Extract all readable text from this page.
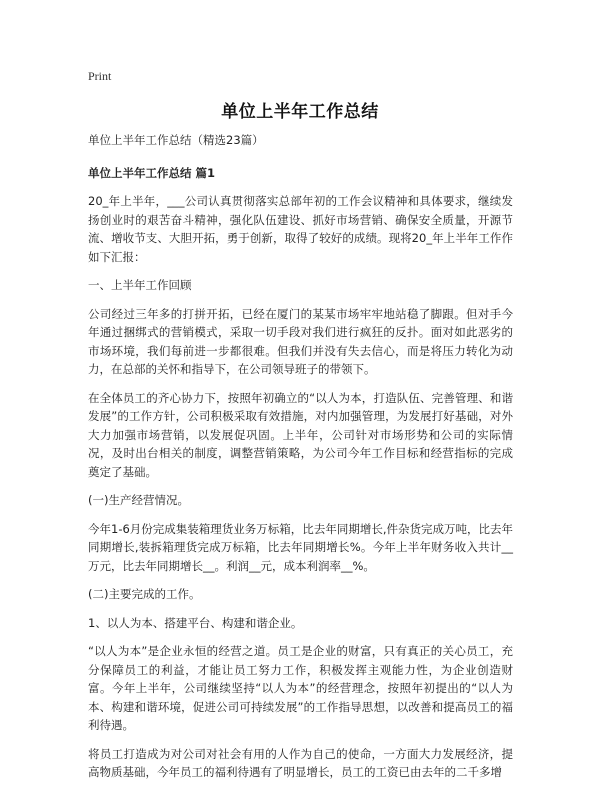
Print
单位上半年工作总结

单位上半年工作总结（精选23篇）

单位上半年工作总结 篇1

20_年上半年，___公司认真贯彻落实总部年初的工作会议精神和具体要求，继续发扬创业时的艰苦奋斗精神，强化队伍建设、抓好市场营销、确保安全质量，开源节流、增收节支、大胆开拓，勇于创新，取得了较好的成绩。现将20_年上半年工作作如下汇报：

一、上半年工作回顾

公司经过三年多的打拼开拓，已经在厦门的某某市场牢牢地站稳了脚跟。但对手今年通过捆绑式的营销模式，采取一切手段对我们进行疯狂的反扑。面对如此恶劣的市场环境，我们每前进一步都很难。但我们并没有失去信心，而是将压力转化为动力，在总部的关怀和指导下，在公司领导班子的带领下。

在全体员工的齐心协力下，按照年初确立的“以人为本，打造队伍、完善管理、和谐发展”的工作方针，公司积极采取有效措施，对内加强管理，为发展打好基础，对外大力加强市场营销，以发展促巩固。上半年，公司针对市场形势和公司的实际情况，及时出台相关的制度，调整营销策略，为公司今年工作目标和经营指标的完成奠定了基础。

(一)生产经营情况。

今年1-6月份完成集装箱理货业务万标箱，比去年同期增长,件杂货完成万吨，比去年同期增长,装拆箱理货完成万标箱，比去年同期增长%。今年上半年财务收入共计__万元，比去年同期增长__。利润__元，成本利润率__%。

(二)主要完成的工作。

1、以人为本、搭建平台、构建和谐企业。

“以人为本”是企业永恒的经营之道。员工是企业的财富，只有真正的关心员工，充分保障员工的利益，才能让员工努力工作，积极发挥主观能力性，为企业创造财富。今年上半年，公司继续坚持“以人为本”的经营理念，按照年初提出的“以人为本、构建和谐环境，促进公司可持续发展”的工作指导思想，以改善和提高员工的福利待遇。

将员工打造成为对公司对社会有用的人作为自己的使命，一方面大力发展经济，提高物质基础，今年员工的福利待遇有了明显增长，员工的工资已由去年的二千多增
